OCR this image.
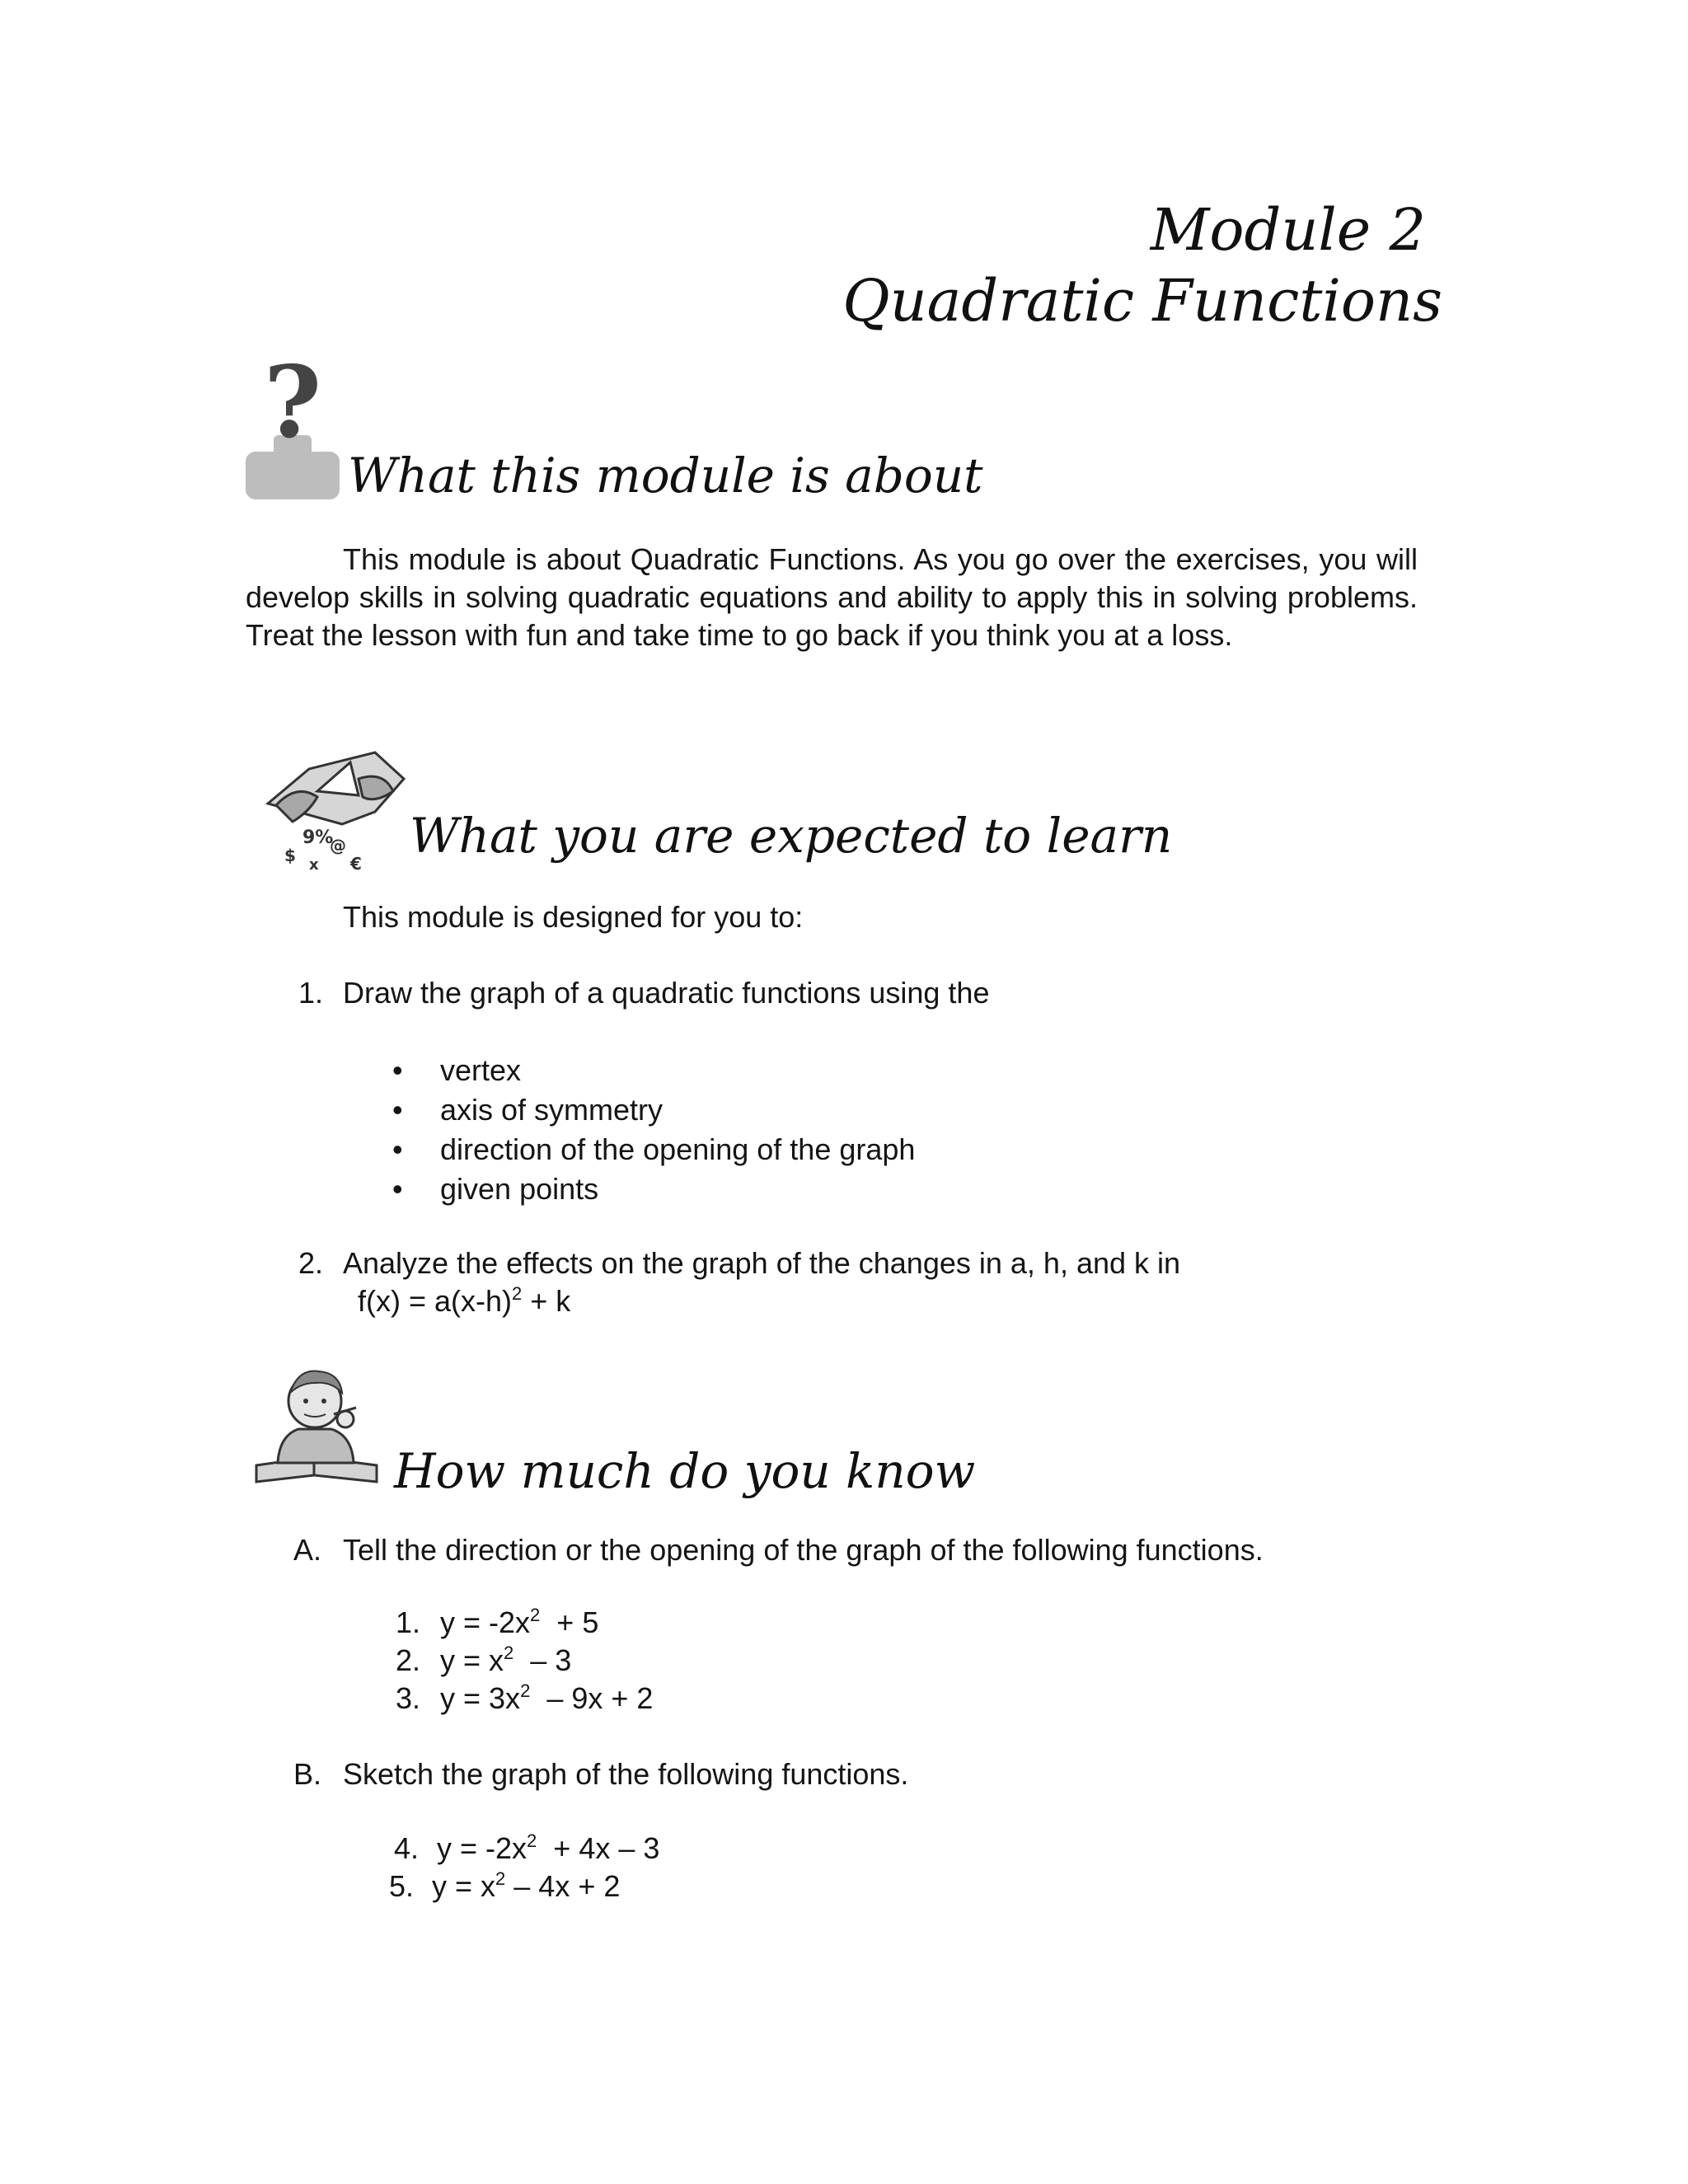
Module 2
Quadratic Functions
?
What this module is about
This module is about Quadratic Functions. As you go over the exercises, you will develop skills in solving quadratic equations and ability to apply this in solving problems. Treat the lesson with fun and take time to go back if you think you at a loss.
9%
$ @
€
x
What you are expected to learn
This module is designed for you to:
1. Draw the graph of a quadratic functions using the
• vertex
• axis of symmetry
• direction of the opening of the graph
• given points
2. Analyze the effects on the graph of the changes in a, h, and k in
$f(x) = a(x-h)^2 + k$
How much do you know
A. Tell the direction or the opening of the graph of the following functions.
1. $y = -2x^2 + 5$
2. $y = x^2 - 3$
3. $y = 3x^2 - 9x + 2$
B. Sketch the graph of the following functions.
4. $y = -2x^2 + 4x - 3$
5. $y = x^2 - 4x + 2$
